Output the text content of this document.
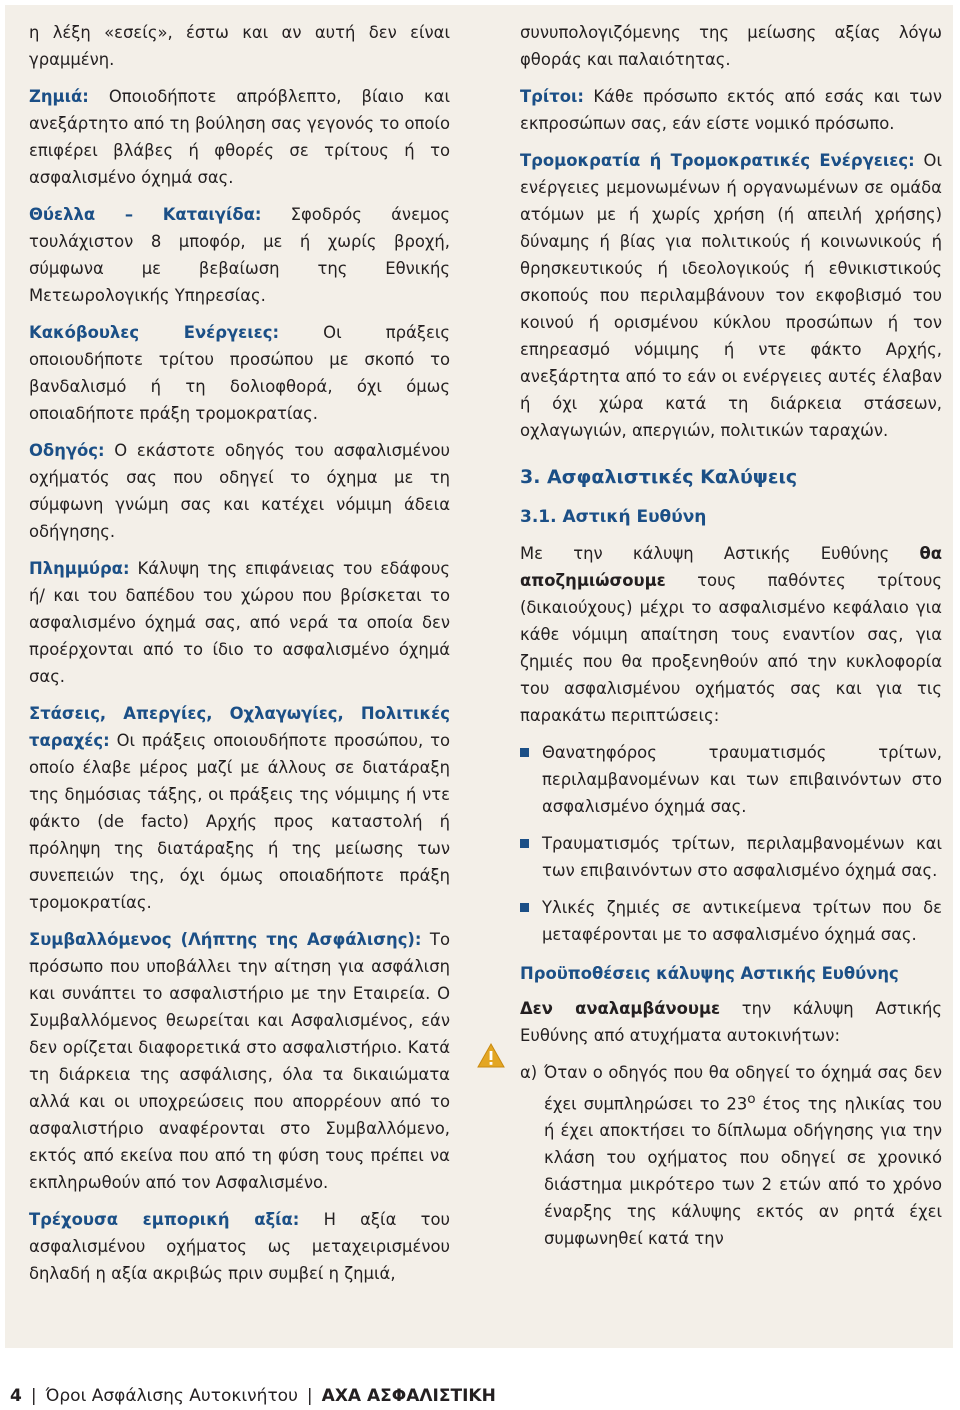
η λέξη «εσείς», έστω και αν αυτή δεν είναι γραμμένη.

Ζημιά: Οποιοδήποτε απρόβλεπτο, βίαιο και ανεξάρτητο από τη βούληση σας γεγονός το οποίο επιφέρει βλάβες ή φθορές σε τρίτους ή το ασφαλισμένο όχημά σας.

Θύελλα – Καταιγίδα: Σφοδρός άνεμος τουλάχιστον 8 μποφόρ, με ή χωρίς βροχή, σύμφωνα με βεβαίωση της Εθνικής Μετεωρολογικής Υπηρεσίας.

Κακόβουλες Ενέργειες: Οι πράξεις οποιουδήποτε τρίτου προσώπου με σκοπό το βανδαλισμό ή τη δολιοφθορά, όχι όμως οποιαδήποτε πράξη τρομοκρατίας.

Οδηγός: Ο εκάστοτε οδηγός του ασφαλισμένου οχήματός σας που οδηγεί το όχημα με τη σύμφωνη γνώμη σας και κατέχει νόμιμη άδεια οδήγησης.

Πλημμύρα: Κάλυψη της επιφάνειας του εδάφους ή/ και του δαπέδου του χώρου που βρίσκεται το ασφαλισμένο όχημά σας, από νερά τα οποία δεν προέρχονται από το ίδιο το ασφαλισμένο όχημά σας.

Στάσεις, Απεργίες, Οχλαγωγίες, Πολιτικές ταραχές: Οι πράξεις οποιουδήποτε προσώπου, το οποίο έλαβε μέρος μαζί με άλλους σε διατάραξη της δημόσιας τάξης, οι πράξεις της νόμιμης ή ντε φάκτο (de facto) Αρχής προς καταστολή ή πρόληψη της διατάραξης ή της μείωσης των συνεπειών της, όχι όμως οποιαδήποτε πράξη τρομοκρατίας.

Συμβαλλόμενος (Λήπτης της Ασφάλισης): Το πρόσωπο που υποβάλλει την αίτηση για ασφάλιση και συνάπτει το ασφαλιστήριο με την Εταιρεία. Ο Συμβαλλόμενος θεωρείται και Ασφαλισμένος, εάν δεν ορίζεται διαφορετικά στο ασφαλιστήριο. Κατά τη διάρκεια της ασφάλισης, όλα τα δικαιώματα αλλά και οι υποχρεώσεις που απορρέουν από το ασφαλιστήριο αναφέρονται στο Συμβαλλόμενο, εκτός από εκείνα που από τη φύση τους πρέπει να εκπληρωθούν από τον Ασφαλισμένο.

Τρέχουσα εμπορική αξία: Η αξία του ασφαλισμένου οχήματος ως μεταχειρισμένου δηλαδή η αξία ακριβώς πριν συμβεί η ζημιά,

συνυπολογιζόμενης της μείωσης αξίας λόγω φθοράς και παλαιότητας.

Τρίτοι: Κάθε πρόσωπο εκτός από εσάς και των εκπροσώπων σας, εάν είστε νομικό πρόσωπο.

Τρομοκρατία ή Τρομοκρατικές Ενέργειες: Οι ενέργειες μεμονωμένων ή οργανωμένων σε ομάδα ατόμων με ή χωρίς χρήση (ή απειλή χρήσης) δύναμης ή βίας για πολιτικούς ή κοινωνικούς ή θρησκευτικούς ή ιδεολογικούς ή εθνικιστικούς σκοπούς που περιλαμβάνουν τον εκφοβισμό του κοινού ή ορισμένου κύκλου προσώπων ή τον επηρεασμό νόμιμης ή ντε φάκτο Αρχής, ανεξάρτητα από το εάν οι ενέργειες αυτές έλαβαν ή όχι χώρα κατά τη διάρκεια στάσεων, οχλαγωγιών, απεργιών, πολιτικών ταραχών.

3. Ασφαλιστικές Καλύψεις
3.1. Αστική Ευθύνη

Με την κάλυψη Αστικής Ευθύνης θα αποζημιώσουμε τους παθόντες τρίτους (δικαιούχους) μέχρι το ασφαλισμένο κεφάλαιο για κάθε νόμιμη απαίτηση τους εναντίον σας, για ζημιές που θα προξενηθούν από την κυκλοφορία του ασφαλισμένου οχήματός σας και για τις παρακάτω περιπτώσεις:

Θανατηφόρος τραυματισμός τρίτων, περιλαμβανομένων και των επιβαινόντων στο ασφαλισμένο όχημά σας.
Τραυματισμός τρίτων, περιλαμβανομένων και των επιβαινόντων στο ασφαλισμένο όχημά σας.
Υλικές ζημιές σε αντικείμενα τρίτων που δε μεταφέρονται με το ασφαλισμένο όχημά σας.
Προϋποθέσεις κάλυψης Αστικής Ευθύνης

Δεν αναλαμβάνουμε την κάλυψη Αστικής Ευθύνης από ατυχήματα αυτοκινήτων:

α) Όταν ο οδηγός που θα οδηγεί το όχημά σας δεν έχει συμπληρώσει το $23^o$ έτος της ηλικίας του ή έχει αποκτήσει το δίπλωμα οδήγησης για την κλάση του οχήματος που οδηγεί σε χρονικό διάστημα μικρότερο των 2 ετών από το χρόνο έναρξης της κάλυψης εκτός αν ρητά έχει συμφωνηθεί κατά την
4 | Όροι Ασφάλισης Αυτοκινήτου | AXA ΑΣΦΑΛΙΣΤΙΚΗ
